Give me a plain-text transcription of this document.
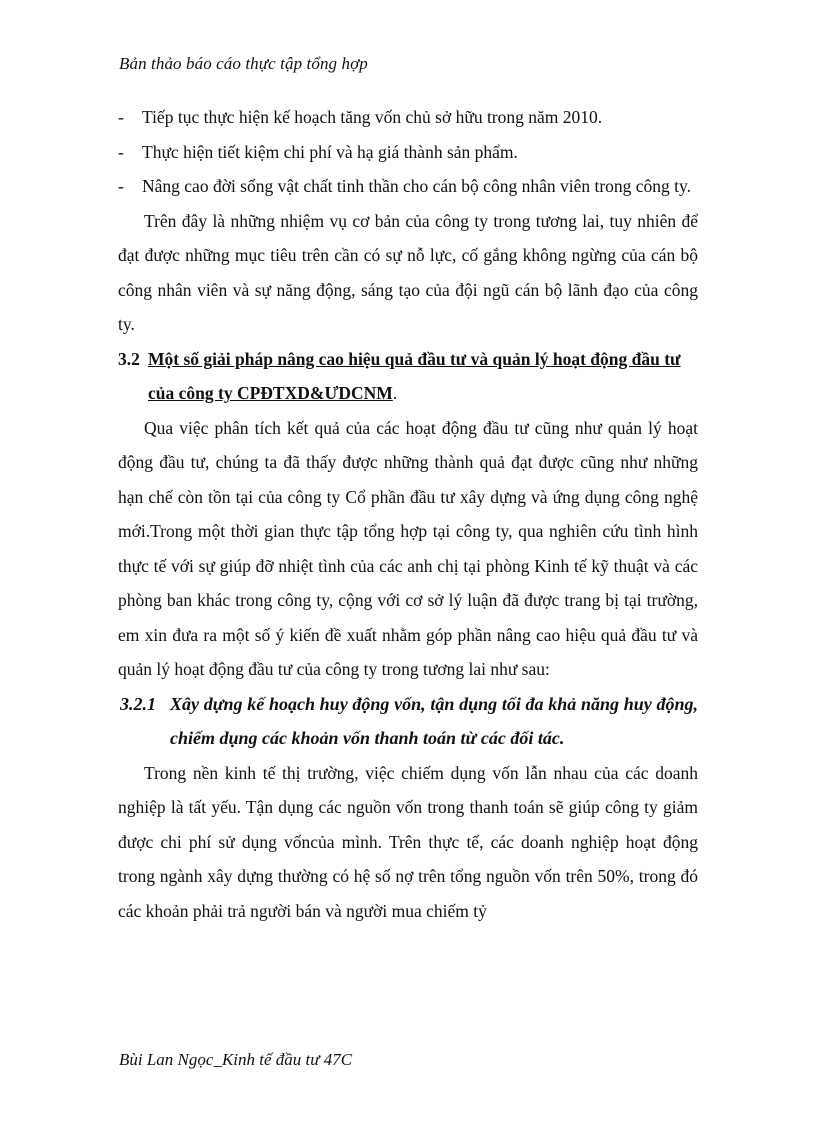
Bản thảo báo cáo thực tập tổng hợp
-	Tiếp tục thực hiện kế hoạch tăng vốn chủ sở hữu trong năm 2010.
-	Thực hiện tiết kiệm chi phí và hạ giá thành sản phẩm.
-	Nâng cao đời sống vật chất tinh thần cho cán bộ công nhân viên trong công ty.

Trên đây là những nhiệm vụ cơ bản của công ty trong tương lai, tuy nhiên để đạt được những mục tiêu trên cần có sự nỗ lực, cố gắng không ngừng của cán bộ công nhân viên và sự năng động, sáng tạo của đội ngũ cán bộ lãnh đạo của công ty.

3.2 Một số giải pháp nâng cao hiệu quả đầu tư và quản lý hoạt động đầu tư của công ty CPĐTXD&ƯDCNM.

Qua việc phân tích kết quả của các hoạt động đầu tư cũng như quản lý hoạt động đầu tư, chúng ta đã thấy được những thành quả đạt được cũng như những hạn chế còn tồn tại của công ty Cổ phần đầu tư xây dựng và ứng dụng công nghệ mới.Trong một thời gian thực tập tổng hợp tại công ty, qua nghiên cứu tình hình thực tế với sự giúp đỡ nhiệt tình của các anh chị tại phòng Kinh tế kỹ thuật và các phòng ban khác trong công ty, cộng với cơ sở lý luận đã được trang bị tại trường, em xin đưa ra một số ý kiến đề xuất nhằm góp phần nâng cao hiệu quả đầu tư và quản lý hoạt động đầu tư của công ty trong tương lai như sau:

3.2.1 Xây dựng kế hoạch huy động vốn, tận dụng tối đa khả năng huy động, chiếm dụng các khoản vốn thanh toán từ các đối tác.

Trong nền kinh tế thị trường, việc chiếm dụng vốn lẫn nhau của các doanh nghiệp là tất yếu. Tận dụng các nguồn vốn trong thanh toán sẽ giúp công ty giảm được chi phí sử dụng vốncủa mình. Trên thực tế, các doanh nghiệp hoạt động trong ngành xây dựng thường có hệ số nợ trên tổng nguồn vốn trên 50%, trong đó các khoản phải trả người bán và người mua chiếm tỷ

Bùi Lan Ngọc_Kinh tế đầu tư 47C
